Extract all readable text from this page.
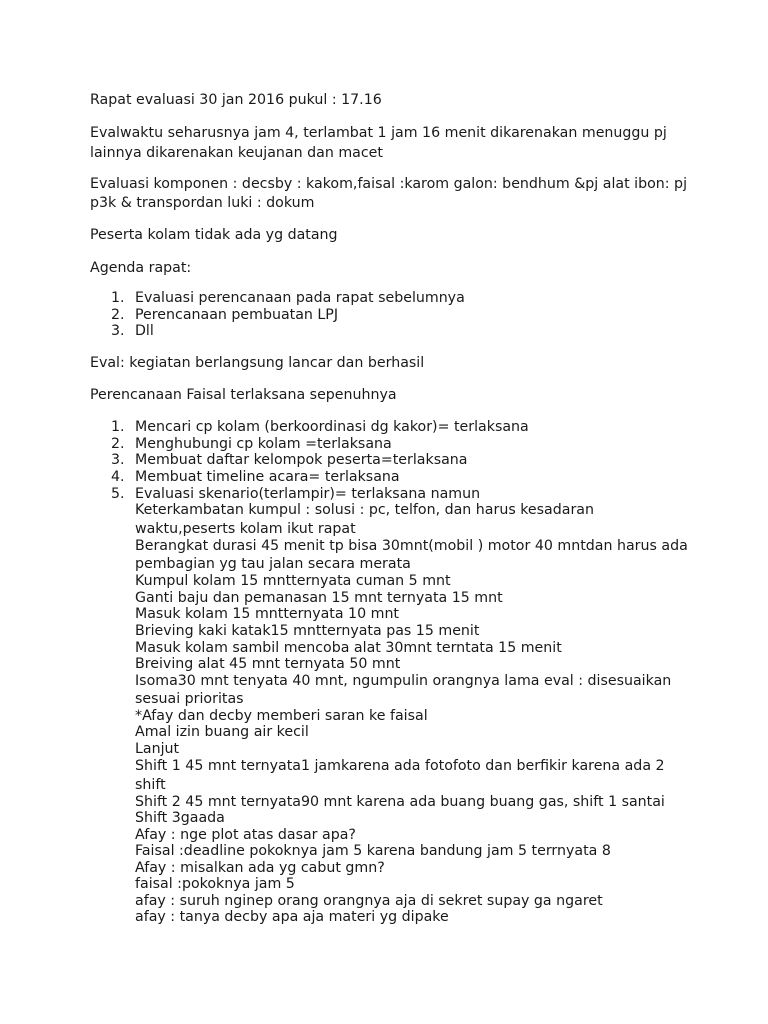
Rapat evaluasi 30 jan 2016 pukul : 17.16
Evalwaktu seharusnya jam 4, terlambat 1 jam 16 menit dikarenakan menuggu pj
lainnya dikarenakan keujanan dan macet
Evaluasi komponen : decsby : kakom,faisal :karom galon: bendhum &pj alat ibon: pj
p3k & transpordan luki : dokum
Peserta kolam tidak ada yg datang
Agenda rapat:
1. Evaluasi perencanaan pada rapat sebelumnya
2. Perencanaan pembuatan LPJ
3. Dll
Eval: kegiatan berlangsung lancar dan berhasil
Perencanaan Faisal terlaksana sepenuhnya
1. Mencari cp kolam (berkoordinasi dg kakor)= terlaksana
2. Menghubungi cp kolam =terlaksana
3. Membuat daftar kelompok peserta=terlaksana
4. Membuat timeline acara= terlaksana
5. Evaluasi skenario(terlampir)= terlaksana namun
Keterkambatan kumpul : solusi : pc, telfon, dan harus kesadaran
waktu,peserts kolam ikut rapat
Berangkat durasi 45 menit tp bisa 30mnt(mobil ) motor 40 mntdan harus ada
pembagian yg tau jalan secara merata
Kumpul kolam 15 mntternyata cuman 5 mnt
Ganti baju dan pemanasan 15 mnt ternyata 15 mnt
Masuk kolam 15 mntternyata 10 mnt
Brieving kaki katak15 mntternyata pas 15 menit
Masuk kolam sambil mencoba alat 30mnt terntata 15 menit
Breiving alat 45 mnt ternyata 50 mnt
Isoma30 mnt tenyata 40 mnt, ngumpulin orangnya lama eval : disesuaikan
sesuai prioritas
*Afay dan decby memberi saran ke faisal
Amal izin buang air kecil
Lanjut
Shift 1 45 mnt ternyata1 jamkarena ada fotofoto dan berfikir karena ada 2
shift
Shift 2 45 mnt ternyata90 mnt karena ada buang buang gas, shift 1 santai
Shift 3gaada
Afay : nge plot atas dasar apa?
Faisal :deadline pokoknya jam 5 karena bandung jam 5 terrnyata 8
Afay : misalkan ada yg cabut gmn?
faisal :pokoknya jam 5
afay : suruh nginep orang orangnya aja di sekret supay ga ngaret
afay : tanya decby apa aja materi yg dipake
